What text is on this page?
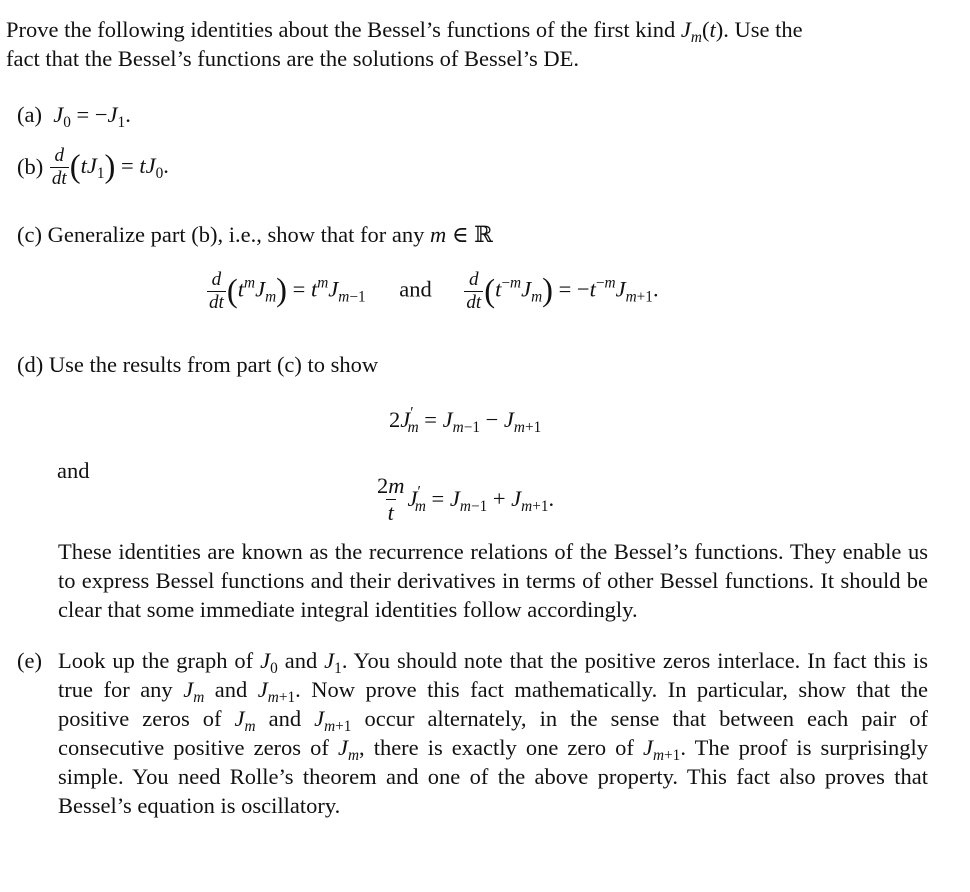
Prove the following identities about the Bessel’s functions of the first kind $J_m(t)$. Use the
fact that the Bessel’s functions are the solutions of Bessel’s DE.
(a) $J_0 = -J_1$.
$(b) \frac{d}{dt} (tJ_1) = tJ_0$.
(c) Generalize part (b), i.e., show that for any m ∈ ℝ
$\frac{d}{dt} (t^mJ_m) = t^mJ_{m-1}$ and $\frac{d}{dt} (t^{-m}J_m) = -t^{-m}J_{m+1}$.
(d) Use the results from part (c) to show
$2J'_m = J_{m-1} - J_{m+1}$
and
$\frac{2m}{t} J'_m = J_{m-1} + J_{m+1}$.
These identities are known as the recurrence relations of the Bessel’s functions. They enable us to express Bessel functions and their derivatives in terms of other Bessel functions. It should be clear that some immediate integral identities follow accordingly.
(e) Look up the graph of $J_0$ and $J_1$. You should note that the positive zeros interlace. In fact this is true for any $J_m$ and $J_{m+1}$. Now prove this fact mathematically. In particular, show that the positive zeros of $J_m$ and $J_{m+1}$ occur alternately, in the sense that between each pair of consecutive positive zeros of $J_m$, there is exactly one zero of $J_{m+1}$. The proof is surprisingly simple. You need Rolle’s theorem and one of the above property. This fact also proves that Bessel’s equation is oscillatory.
